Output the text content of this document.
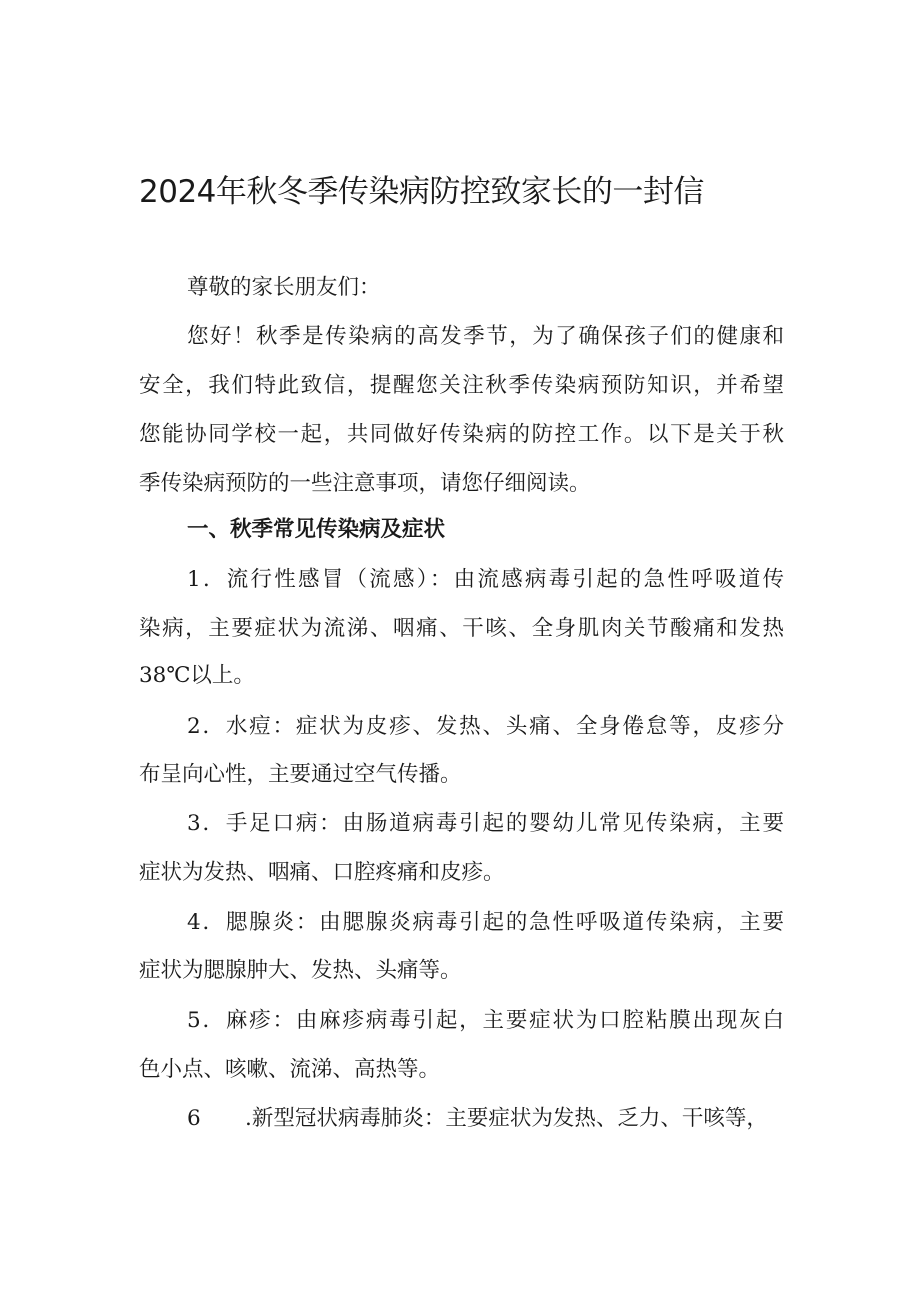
2024年秋冬季传染病防控致家长的一封信

尊敬的家长朋友们：

您好！秋季是传染病的高发季节，为了确保孩子们的健康和

安全，我们特此致信，提醒您关注秋季传染病预防知识，并希望

您能协同学校一起，共同做好传染病的防控工作。以下是关于秋

季传染病预防的一些注意事项，请您仔细阅读。

一、秋季常见传染病及症状

1．流行性感冒（流感）：由流感病毒引起的急性呼吸道传

染病，主要症状为流涕、咽痛、干咳、全身肌肉关节酸痛和发热

38℃以上。

2．水痘：症状为皮疹、发热、头痛、全身倦怠等，皮疹分

布呈向心性，主要通过空气传播。

3．手足口病：由肠道病毒引起的婴幼儿常见传染病，主要

症状为发热、咽痛、口腔疼痛和皮疹。

4．腮腺炎：由腮腺炎病毒引起的急性呼吸道传染病，主要

症状为腮腺肿大、发热、头痛等。

5．麻疹：由麻疹病毒引起，主要症状为口腔粘膜出现灰白

色小点、咳嗽、流涕、高热等。

6 .新型冠状病毒肺炎：主要症状为发热、乏力、干咳等，
